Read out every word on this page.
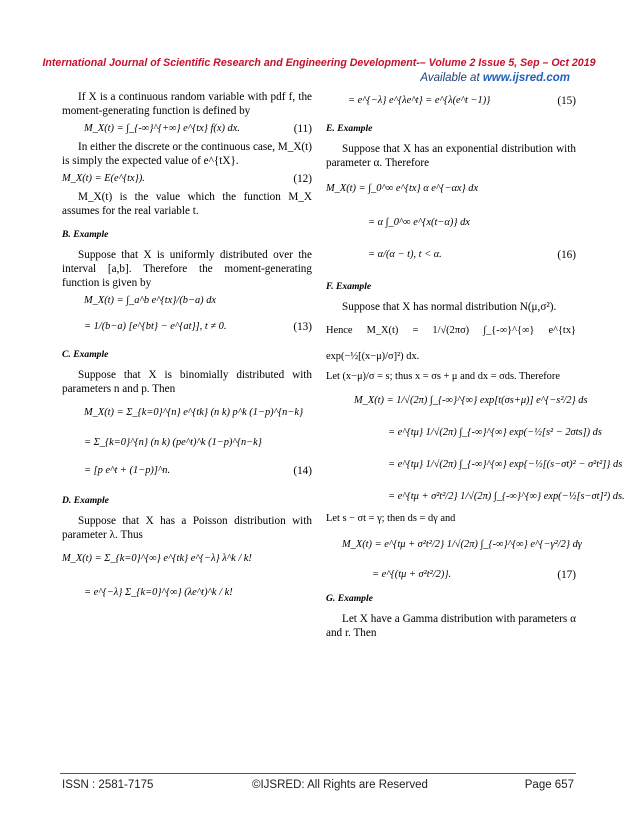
International Journal of Scientific Research and Engineering Development-– Volume 2 Issue 5, Sep – Oct 2019
Available at www.ijsred.com

If X is a continuous random variable with pdf f, the moment-generating function is defined by

M_X(t) = ∫_{-∞}^{+∞} e^{tx} f(x) dx.	(11)

In either the discrete or the continuous case, M_X(t) is simply the expected value of e^{tX}.

M_X(t) = E(e^{tx}).	(12)

M_X(t) is the value which the function M_X assumes for the real variable t.

B. Example

Suppose that X is uniformly distributed over the interval [a,b]. Therefore the moment-generating function is given by

M_X(t) = ∫_a^b e^{tx}/(b−a) dx
= 1/(b−a) [e^{bt} − e^{at}], t ≠ 0.	(13)
C. Example

Suppose that X is binomially distributed with parameters n and p. Then

M_X(t) = Σ_{k=0}^{n} e^{tk} (n k) p^k (1−p)^{n−k}
= Σ_{k=0}^{n} (n k) (pe^t)^k (1−p)^{n−k}
= [p e^t + (1−p)]^n.	(14)
D. Example

Suppose that X has a Poisson distribution with parameter λ. Thus

M_X(t) = Σ_{k=0}^{∞} e^{tk} e^{−λ} λ^k / k!
= e^{−λ} Σ_{k=0}^{∞} (λe^t)^k / k!
= e^{−λ} e^{λe^t} = e^{λ(e^t −1)}	(15)
E. Example

Suppose that X has an exponential distribution with parameter α. Therefore

M_X(t) = ∫_0^∞ e^{tx} α e^{−αx} dx
= α ∫_0^∞ e^{x(t−α)} dx
= α/(α − t), t < α.	(16)
F. Example

Suppose that X has normal distribution N(μ,σ²).

Hence M_X(t) = 1/√(2πσ) ∫_{-∞}^{∞} e^{tx} exp(−½[(x−μ)/σ]²) dx.

Let (x−μ)/σ = s; thus x = σs + μ and dx = σds. Therefore

M_X(t) = 1/√(2π) ∫_{-∞}^{∞} exp[t(σs+μ)] e^{−s²/2} ds
= e^{tμ} 1/√(2π) ∫_{-∞}^{∞} exp(−½[s² − 2σts]) ds
= e^{tμ} 1/√(2π) ∫_{-∞}^{∞} exp{−½[(s−σt)² − σ²t²]} ds
= e^{tμ + σ²t²/2} 1/√(2π) ∫_{-∞}^{∞} exp(−½[s−σt]²) ds.

Let s − σt = γ; then ds = dγ and

M_X(t) = e^{tμ + σ²t²/2} 1/√(2π) ∫_{-∞}^{∞} e^{−γ²/2} dγ
= e^{(tμ + σ²t²/2)}.	(17)
G. Example

Let X have a Gamma distribution with parameters α and r. Then

ISSN : 2581-7175	©IJSRED: All Rights are Reserved	Page 657
